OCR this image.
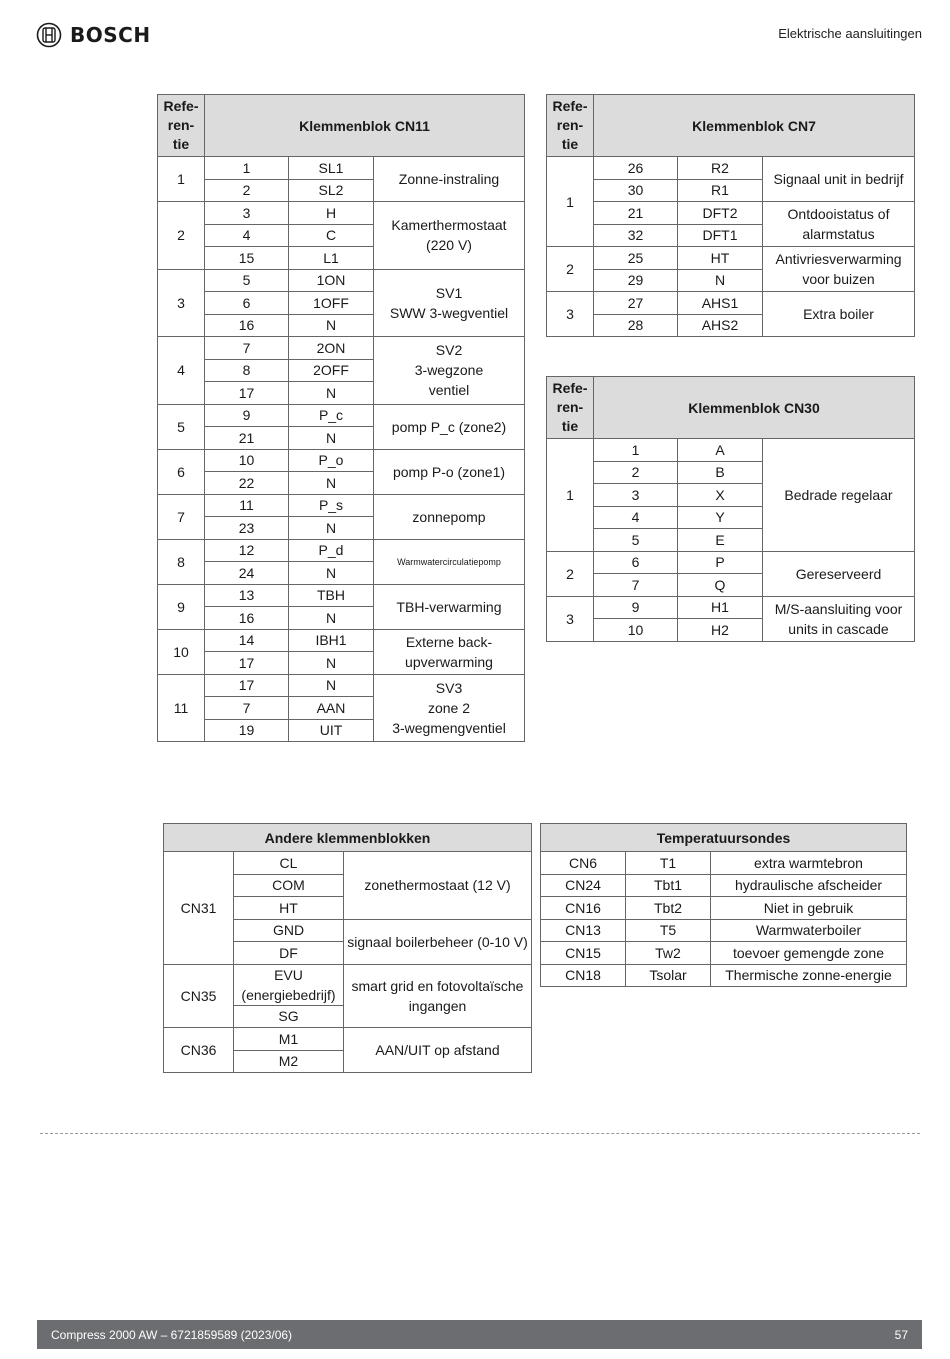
BOSCH	Elektrische aansluitingen
Refe- ren- tie	Klemmenblok CN11		
1	1	SL1	Zonne-instraling
	2	SL2	
2	3	H	Kamerthermostaat (220 V)
	4	C	
	15	L1	
3	5	1ON	SV1
SWW 3-wegventiel
	6	1OFF	
	16	N	
4	7	2ON	SV2
3-wegzone
ventiel
	8	2OFF	
	17	N	
5	9	P_c	pomp P_c (zone2)
	21	N	
6	10	P_o	pomp P-o (zone1)
	22	N	
7	11	P_s	zonnepomp
	23	N	
8	12	P_d	Warmwatercirculatiepomp
	24	N	
9	13	TBH	TBH-verwarming
	16	N	
10	14	IBH1	Externe back-upverwarming
	17	N	
11	17	N	SV3
zone 2
3-wegmengventiel
	7	AAN	
	19	UIT	
Refe- ren- tie	Klemmenblok CN7		
1	26	R2	Signaal unit in bedrijf
	30	R1	
	21	DFT2	Ontdooistatus of alarmstatus
	32	DFT1	
2	25	HT	Antivriesverwarming voor buizen
	29	N	
3	27	AHS1	Extra boiler
	28	AHS2	
Refe- ren- tie	Klemmenblok CN30		
1	1	A	Bedrade regelaar
	2	B	
	3	X	
	4	Y	
	5	E	
2	6	P	Gereserveerd
	7	Q	
3	9	H1	M/S-aansluiting voor units in cascade
	10	H2	
Andere klemmenblokken		
CN31	CL	zonethermostaat (12 V)
	COM	
	HT	
	GND	signaal boilerbeheer (0-10 V)
	DF	
CN35	EVU
(energiebedrijf)	smart grid en fotovoltaïsche ingangen
	SG	
CN36	M1	AAN/UIT op afstand
	M2	
Temperatuursondes		
CN6	T1	extra warmtebron
CN24	Tbt1	hydraulische afscheider
CN16	Tbt2	Niet in gebruik
CN13	T5	Warmwaterboiler
CN15	Tw2	toevoer gemengde zone
CN18	Tsolar	Thermische zonne-energie
Compress 2000 AW – 6721859589 (2023/06)	57
